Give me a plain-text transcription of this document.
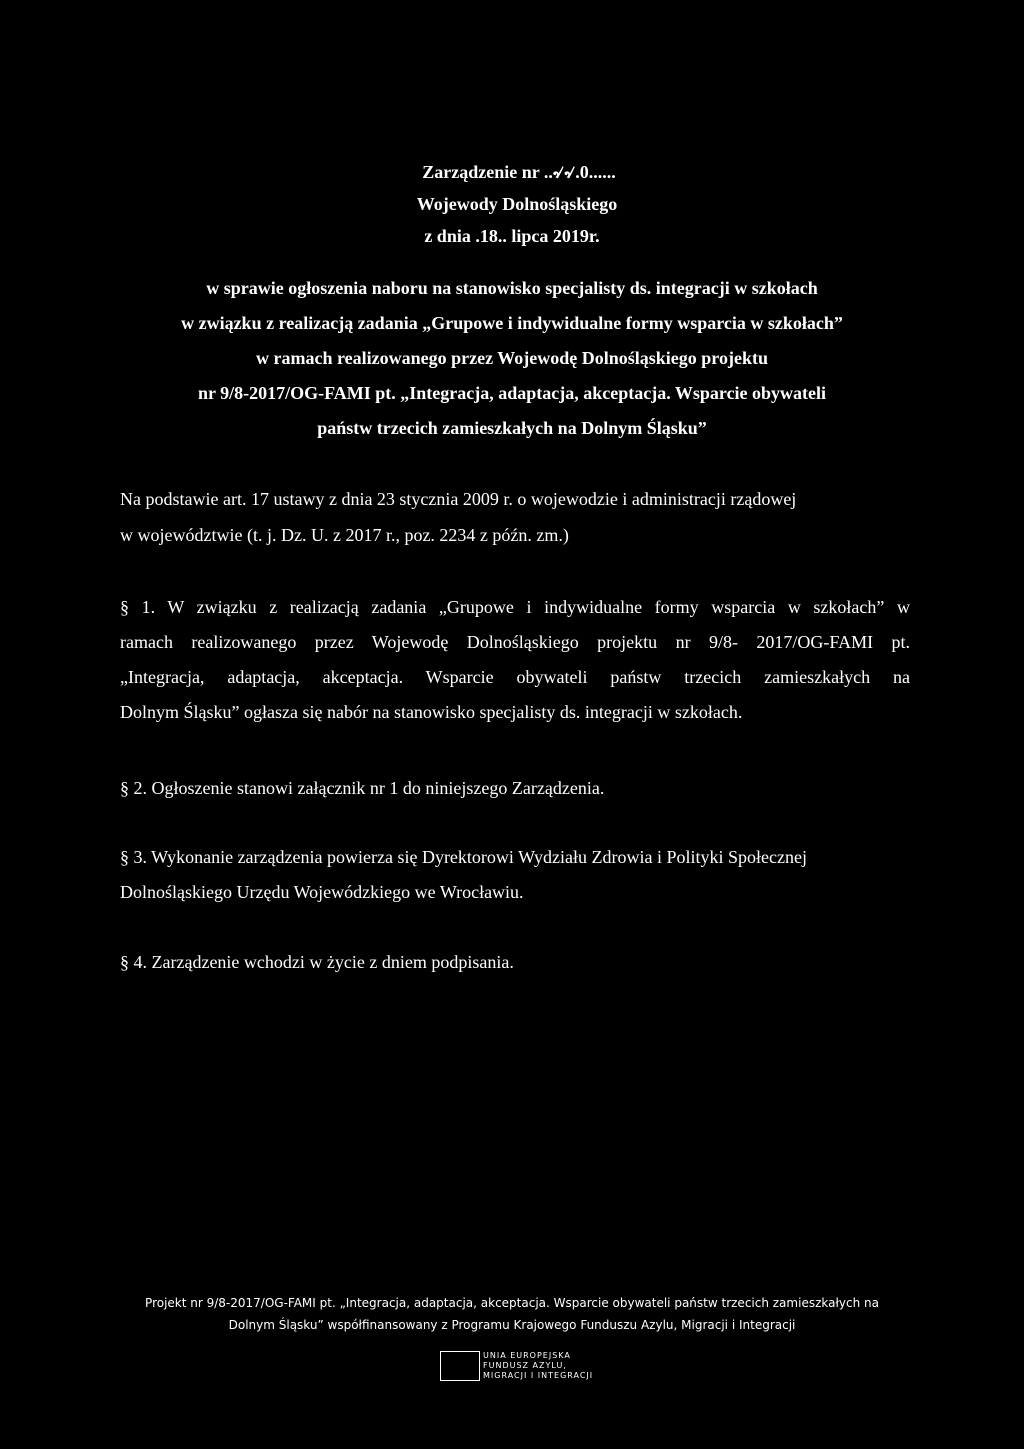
Zarządzenie nr ..৵৵.0......
Wojewody Dolnośląskiego
z dnia .18.. lipca 2019r.
w sprawie ogłoszenia naboru na stanowisko specjalisty ds. integracji w szkołach
w związku z realizacją zadania „Grupowe i indywidualne formy wsparcia w szkołach”
w ramach realizowanego przez Wojewodę Dolnośląskiego projektu
nr 9/8-2017/OG-FAMI pt. „Integracja, adaptacja, akceptacja. Wsparcie obywateli
państw trzecich zamieszkałych na Dolnym Śląsku”
Na podstawie art. 17 ustawy z dnia 23 stycznia 2009 r. o wojewodzie i administracji rządowej
w województwie (t. j. Dz. U. z 2017 r., poz. 2234 z późn. zm.)
§ 1. W związku z realizacją zadania „Grupowe i indywidualne formy wsparcia w szkołach” w
ramach realizowanego przez Wojewodę Dolnośląskiego projektu nr 9/8- 2017/OG-FAMI pt.
„Integracja, adaptacja, akceptacja. Wsparcie obywateli państw trzecich zamieszkałych na
Dolnym Śląsku” ogłasza się nabór na stanowisko specjalisty ds. integracji w szkołach.
§ 2. Ogłoszenie stanowi załącznik nr 1 do niniejszego Zarządzenia.
§ 3. Wykonanie zarządzenia powierza się Dyrektorowi Wydziału Zdrowia i Polityki Społecznej
Dolnośląskiego Urzędu Wojewódzkiego we Wrocławiu.
§ 4. Zarządzenie wchodzi w życie z dniem podpisania.
Projekt nr 9/8-2017/OG-FAMI pt. „Integracja, adaptacja, akceptacja. Wsparcie obywateli państw trzecich zamieszkałych na
Dolnym Śląsku” współfinansowany z Programu Krajowego Funduszu Azylu, Migracji i Integracji
UNIA EUROPEJSKA
FUNDUSZ AZYLU,
MIGRACJI I INTEGRACJI
